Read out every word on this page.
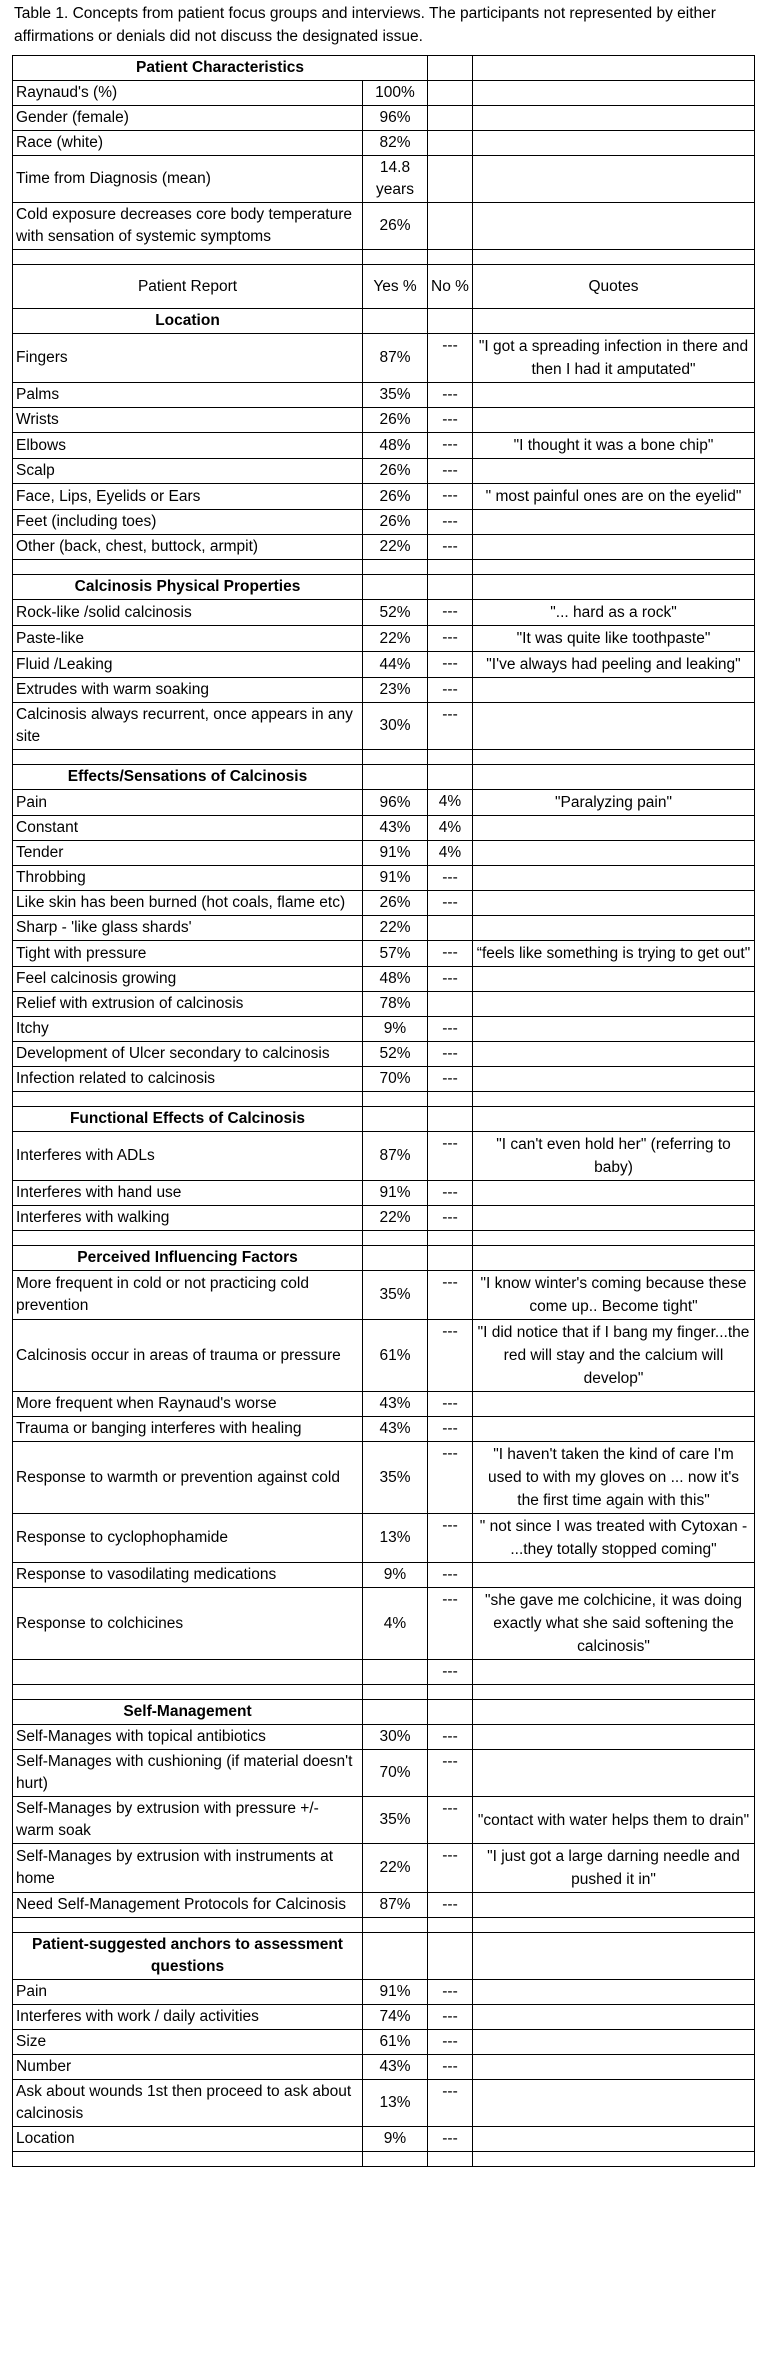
Table 1. Concepts from patient focus groups and interviews. The participants not represented by either affirmations or denials did not discuss the designated issue.
Patient Characteristics			
Raynaud's (%)	100%		
Gender (female)	96%		
Race (white)	82%		
Time from Diagnosis (mean)	14.8 years		
Cold exposure decreases core body temperature with sensation of systemic symptoms	26%		

Patient Report	Yes %	No %	Quotes
Location			
Fingers	87%	---	"I got a spreading infection in there and then I had it amputated"
Palms	35%	---	
Wrists	26%	---	
Elbows	48%	---	"I thought it was a bone chip"
Scalp	26%	---	
Face, Lips, Eyelids or Ears	26%	---	" most painful ones are on the eyelid"
Feet (including toes)	26%	---	
Other (back, chest, buttock, armpit)	22%	---	

Calcinosis Physical Properties			
Rock-like /solid calcinosis	52%	---	"... hard as a rock"
Paste-like	22%	---	"It was quite like toothpaste"
Fluid /Leaking	44%	---	"I've always had peeling and leaking"
Extrudes with warm soaking	23%	---	
Calcinosis always recurrent, once appears in any site	30%	---	

Effects/Sensations of Calcinosis			
Pain	96%	4%	"Paralyzing pain"
Constant	43%	4%	
Tender	91%	4%	
Throbbing	91%	---	
Like skin has been burned (hot coals, flame etc)	26%	---	
Sharp - 'like glass shards'	22%		
Tight with pressure	57%	---	“feels like something is trying to get out"
Feel calcinosis growing	48%	---	
Relief with extrusion of calcinosis	78%		
Itchy	9%	---	
Development of Ulcer secondary to calcinosis	52%	---	
Infection related to calcinosis	70%	---	

Functional Effects of Calcinosis			
Interferes with ADLs	87%	---	"I can't even hold her" (referring to baby)
Interferes with hand use	91%	---	
Interferes with walking	22%	---	

Perceived Influencing Factors			
More frequent in cold or not practicing cold prevention	35%	---	"I know winter's coming because these come up.. Become tight"
Calcinosis occur in areas of trauma or pressure	61%	---	"I did notice that if I bang my finger...the red will stay and the calcium will develop"
More frequent when Raynaud's worse	43%	---	
Trauma or banging interferes with healing	43%	---	
Response to warmth or prevention against cold	35%	---	"I haven't taken the kind of care I'm used to with my gloves on ... now it's the first time again with this"
Response to cyclophophamide	13%	---	" not since I was treated with Cytoxan - ...they totally stopped coming"
Response to vasodilating medications	9%	---	
Response to colchicines	4%	---	"she gave me colchicine, it was doing exactly what she said softening the calcinosis"
		---	

Self-Management			
Self-Manages with topical antibiotics	30%	---	
Self-Manages with cushioning (if material doesn't hurt)	70%	---	
Self-Manages by extrusion with pressure +/- warm soak	35%	---	"contact with water helps them to drain"
Self-Manages by extrusion with instruments at home	22%	---	"I just got a large darning needle and pushed it in"
Need Self-Management Protocols for Calcinosis	87%	---	

Patient-suggested anchors to assessment questions			
Pain	91%	---	
Interferes with work / daily activities	74%	---	
Size	61%	---	
Number	43%	---	
Ask about wounds 1st then proceed to ask about calcinosis	13%	---	
Location	9%	---	
